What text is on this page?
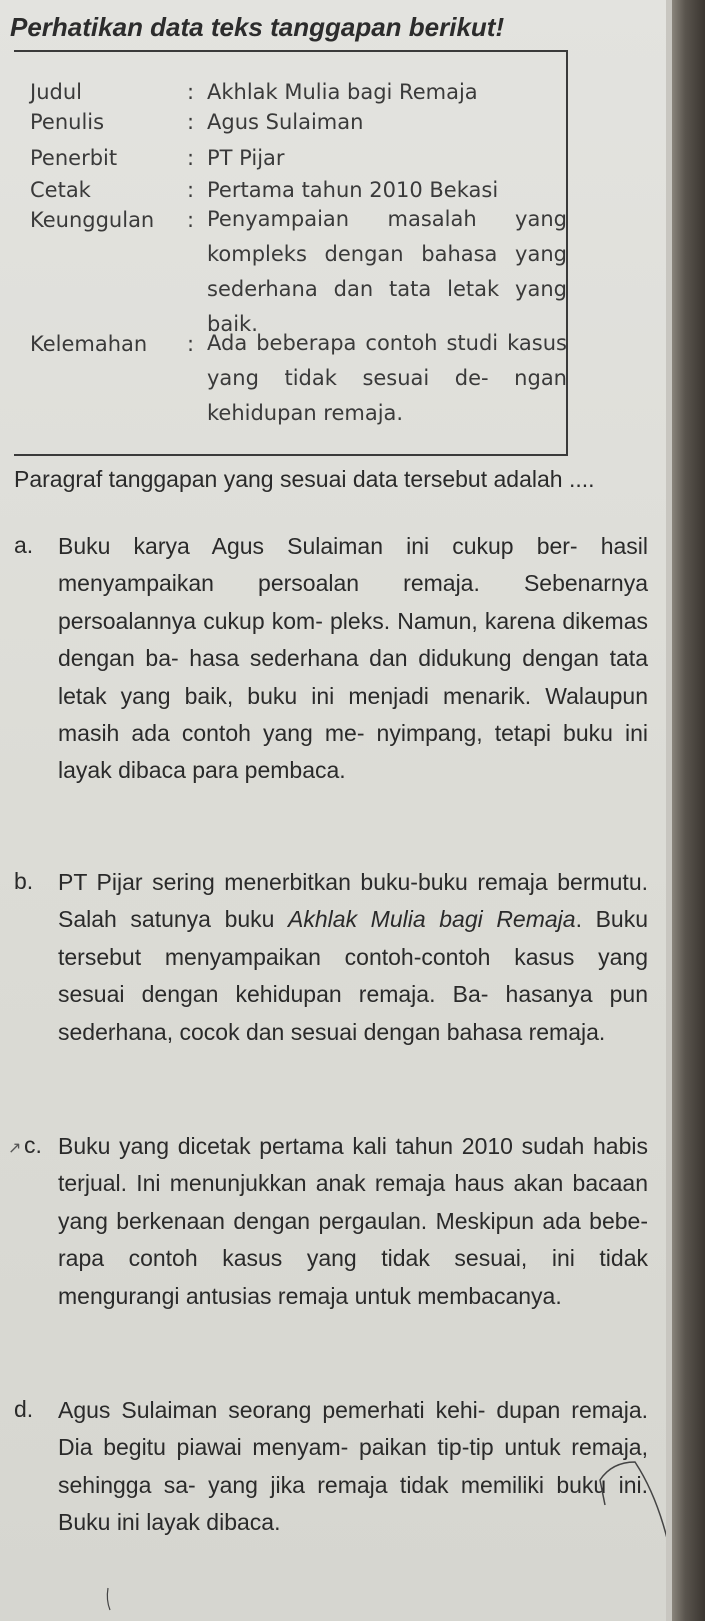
Perhatikan data teks tanggapan berikut!
Judul	: Akhlak Mulia bagi Remaja
Penulis	: Agus Sulaiman
Penerbit	: PT Pijar
Cetak	: Pertama tahun 2010 Bekasi
Keunggulan : Penyampaian masalah yang kompleks dengan bahasa yang sederhana dan tata letak yang baik.
Kelemahan : Ada beberapa contoh studi kasus yang tidak sesuai de- ngan kehidupan remaja.
Paragraf tanggapan yang sesuai data tersebut adalah ....
a. Buku karya Agus Sulaiman ini cukup ber- hasil menyampaikan persoalan remaja. Sebenarnya persoalannya cukup kom- pleks. Namun, karena dikemas dengan ba- hasa sederhana dan didukung dengan tata letak yang baik, buku ini menjadi menarik. Walaupun masih ada contoh yang me- nyimpang, tetapi buku ini layak dibaca para pembaca.
b. PT Pijar sering menerbitkan buku-buku remaja bermutu. Salah satunya buku Akhlak Mulia bagi Remaja. Buku tersebut menyampaikan contoh-contoh kasus yang sesuai dengan kehidupan remaja. Ba- hasanya pun sederhana, cocok dan sesuai dengan bahasa remaja.
↗ c. Buku yang dicetak pertama kali tahun 2010 sudah habis terjual. Ini menunjukkan anak remaja haus akan bacaan yang berkenaan dengan pergaulan. Meskipun ada bebe- rapa contoh kasus yang tidak sesuai, ini tidak mengurangi antusias remaja untuk membacanya.
d. Agus Sulaiman seorang pemerhati kehi- dupan remaja. Dia begitu piawai menyam- paikan tip-tip untuk remaja, sehingga sa- yang jika remaja tidak memiliki buku ini. Buku ini layak dibaca.
